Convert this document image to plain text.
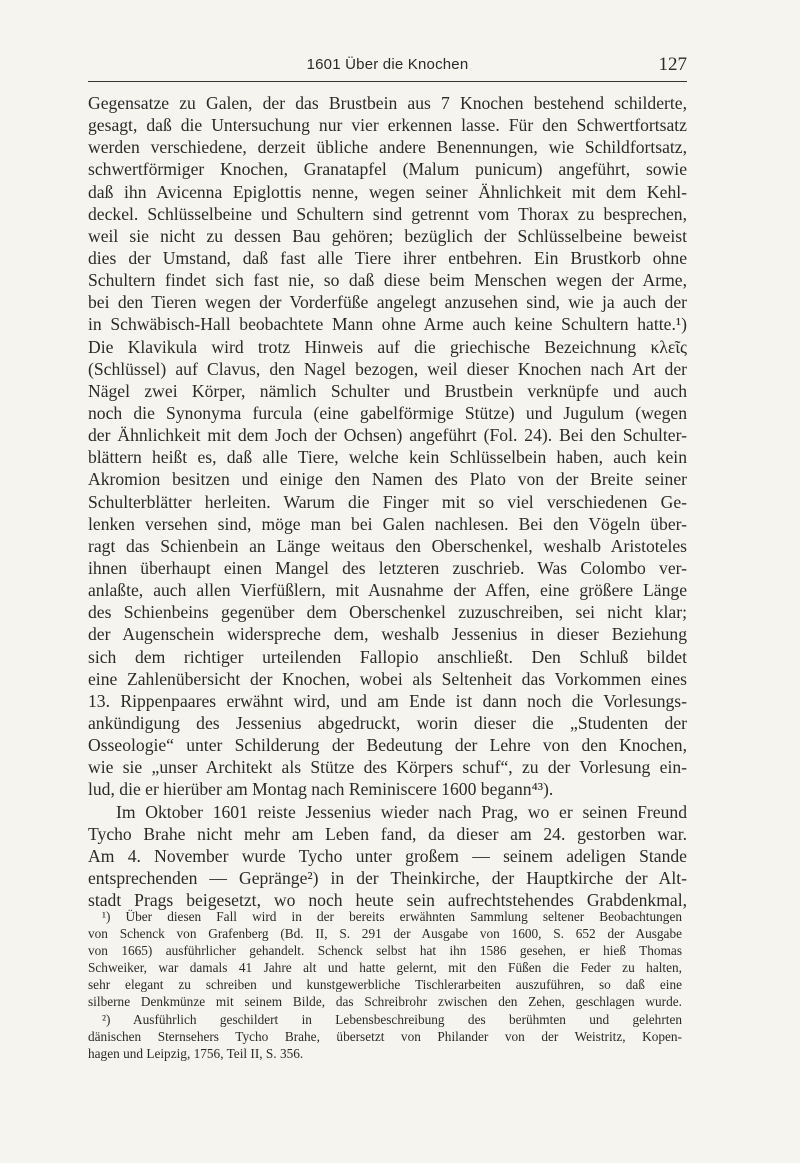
1601 Über die Knochen	127
Gegensatze zu Galen, der das Brustbein aus 7 Knochen bestehend schilderte,
gesagt, daß die Untersuchung nur vier erkennen lasse. Für den Schwertfortsatz
werden verschiedene, derzeit übliche andere Benennungen, wie Schildfortsatz,
schwertförmiger Knochen, Granatapfel (Malum punicum) angeführt, sowie
daß ihn Avicenna Epiglottis nenne, wegen seiner Ähnlichkeit mit dem Kehl-
deckel. Schlüsselbeine und Schultern sind getrennt vom Thorax zu besprechen,
weil sie nicht zu dessen Bau gehören; bezüglich der Schlüsselbeine beweist
dies der Umstand, daß fast alle Tiere ihrer entbehren. Ein Brustkorb ohne
Schultern findet sich fast nie, so daß diese beim Menschen wegen der Arme,
bei den Tieren wegen der Vorderfüße angelegt anzusehen sind, wie ja auch der
in Schwäbisch-Hall beobachtete Mann ohne Arme auch keine Schultern hatte.¹)
Die Klavikula wird trotz Hinweis auf die griechische Bezeichnung κλεῖς
(Schlüssel) auf Clavus, den Nagel bezogen, weil dieser Knochen nach Art der
Nägel zwei Körper, nämlich Schulter und Brustbein verknüpfe und auch
noch die Synonyma furcula (eine gabelförmige Stütze) und Jugulum (wegen
der Ähnlichkeit mit dem Joch der Ochsen) angeführt (Fol. 24). Bei den Schulter-
blättern heißt es, daß alle Tiere, welche kein Schlüsselbein haben, auch kein
Akromion besitzen und einige den Namen des Plato von der Breite seiner
Schulterblätter herleiten. Warum die Finger mit so viel verschiedenen Ge-
lenken versehen sind, möge man bei Galen nachlesen. Bei den Vögeln über-
ragt das Schienbein an Länge weitaus den Oberschenkel, weshalb Aristoteles
ihnen überhaupt einen Mangel des letzteren zuschrieb. Was Colombo ver-
anlaßte, auch allen Vierfüßlern, mit Ausnahme der Affen, eine größere Länge
des Schienbeins gegenüber dem Oberschenkel zuzuschreiben, sei nicht klar;
der Augenschein widerspreche dem, weshalb Jessenius in dieser Beziehung
sich dem richtiger urteilenden Fallopio anschließt. Den Schluß bildet
eine Zahlenübersicht der Knochen, wobei als Seltenheit das Vorkommen eines
13. Rippenpaares erwähnt wird, und am Ende ist dann noch die Vorlesungs-
ankündigung des Jessenius abgedruckt, worin dieser die „Studenten der
Osseologie“ unter Schilderung der Bedeutung der Lehre von den Knochen,
wie sie „unser Architekt als Stütze des Körpers schuf“, zu der Vorlesung ein-
lud, die er hierüber am Montag nach Reminiscere 1600 begann⁴³).
Im Oktober 1601 reiste Jessenius wieder nach Prag, wo er seinen Freund
Tycho Brahe nicht mehr am Leben fand, da dieser am 24. gestorben war.
Am 4. November wurde Tycho unter großem — seinem adeligen Stande
entsprechenden — Gepränge²) in der Theinkirche, der Hauptkirche der Alt-
stadt Prags beigesetzt, wo noch heute sein aufrechtstehendes Grabdenkmal,
¹) Über diesen Fall wird in der bereits erwähnten Sammlung seltener Beobachtungen
von Schenck von Grafenberg (Bd. II, S. 291 der Ausgabe von 1600, S. 652 der Ausgabe
von 1665) ausführlicher gehandelt. Schenck selbst hat ihn 1586 gesehen, er hieß Thomas
Schweiker, war damals 41 Jahre alt und hatte gelernt, mit den Füßen die Feder zu halten,
sehr elegant zu schreiben und kunstgewerbliche Tischlerarbeiten auszuführen, so daß eine
silberne Denkmünze mit seinem Bilde, das Schreibrohr zwischen den Zehen, geschlagen wurde.
²) Ausführlich geschildert in Lebensbeschreibung des berühmten und gelehrten
dänischen Sternsehers Tycho Brahe, übersetzt von Philander von der Weistritz, Kopen-
hagen und Leipzig, 1756, Teil II, S. 356.
